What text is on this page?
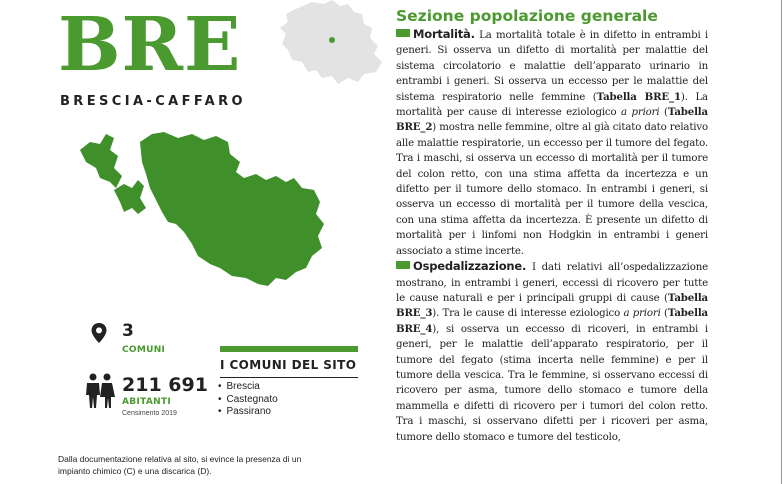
BRE
BRESCIA-CAFFARO
3
COMUNI
211 691
ABITANTI
Censimento 2019
I COMUNI DEL SITO
• Brescia
• Castegnato
• Passirano
Dalla documentazione relativa al sito, si evince la presenza di un impianto chimico (C) e una discarica (D).
Sezione popolazione generale

Mortalità. La mortalità totale è in difetto in entrambi i generi. Si osserva un difetto di mortalità per malattie del sistema circolatorio e malattie dell’apparato urinario in entrambi i generi. Si osserva un eccesso per le malattie del sistema respiratorio nelle femmine (Tabella BRE_1). La mortalità per cause di interesse eziologico a priori (Tabella BRE_2) mostra nelle femmine, oltre al già citato dato relativo alle malattie respiratorie, un eccesso per il tumore del fegato. Tra i maschi, si osserva un eccesso di mortalità per il tumore del colon retto, con una stima affetta da incertezza e un difetto per il tumore dello stomaco. In entrambi i generi, si osserva un eccesso di mortalità per il tumore della vescica, con una stima affetta da incertezza. È presente un difetto di mortalità per i linfomi non Hodgkin in entrambi i generi associato a stime incerte.

Ospedalizzazione. I dati relativi all’ospedalizzazione mostrano, in entrambi i generi, eccessi di ricovero per tutte le cause naturali e per i principali gruppi di cause (Tabella BRE_3). Tra le cause di interesse eziologico a priori (Tabella BRE_4), si osserva un eccesso di ricoveri, in entrambi i generi, per le malattie dell’apparato respiratorio, per il tumore del fegato (stima incerta nelle femmine) e per il tumore della vescica. Tra le femmine, si osservano eccessi di ricovero per asma, tumore dello stomaco e tumore della mammella e difetti di ricovero per i tumori del colon retto. Tra i maschi, si osservano difetti per i ricoveri per asma, tumore dello stomaco e tumore del testicolo,
